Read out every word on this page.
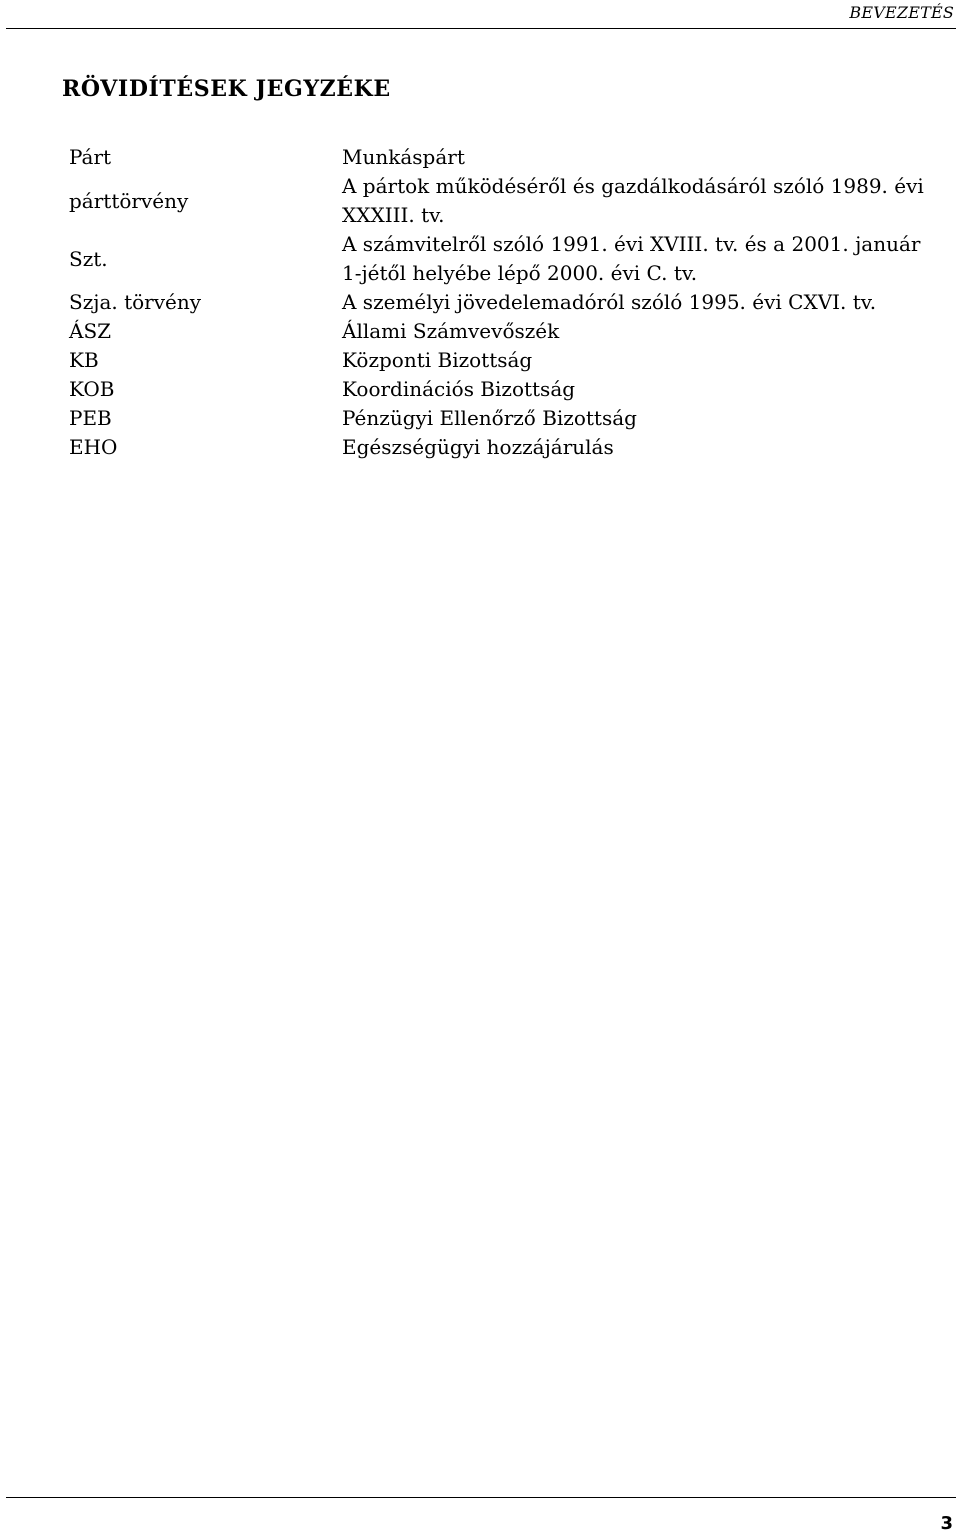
BEVEZETÉS
RÖVIDÍTÉSEK JEGYZÉKE
Párt	Munkáspárt
párttörvény	A pártok működéséről és gazdálkodásáról szóló 1989. évi XXXIII. tv.
Szt.	A számvitelről szóló 1991. évi XVIII. tv. és a 2001. január 1-jétől helyébe lépő 2000. évi C. tv.
Szja. törvény	A személyi jövedelemadóról szóló 1995. évi CXVI. tv.
ÁSZ	Állami Számvevőszék
KB	Központi Bizottság
KOB	Koordinációs Bizottság
PEB	Pénzügyi Ellenőrző Bizottság
EHO	Egészségügyi hozzájárulás
3
